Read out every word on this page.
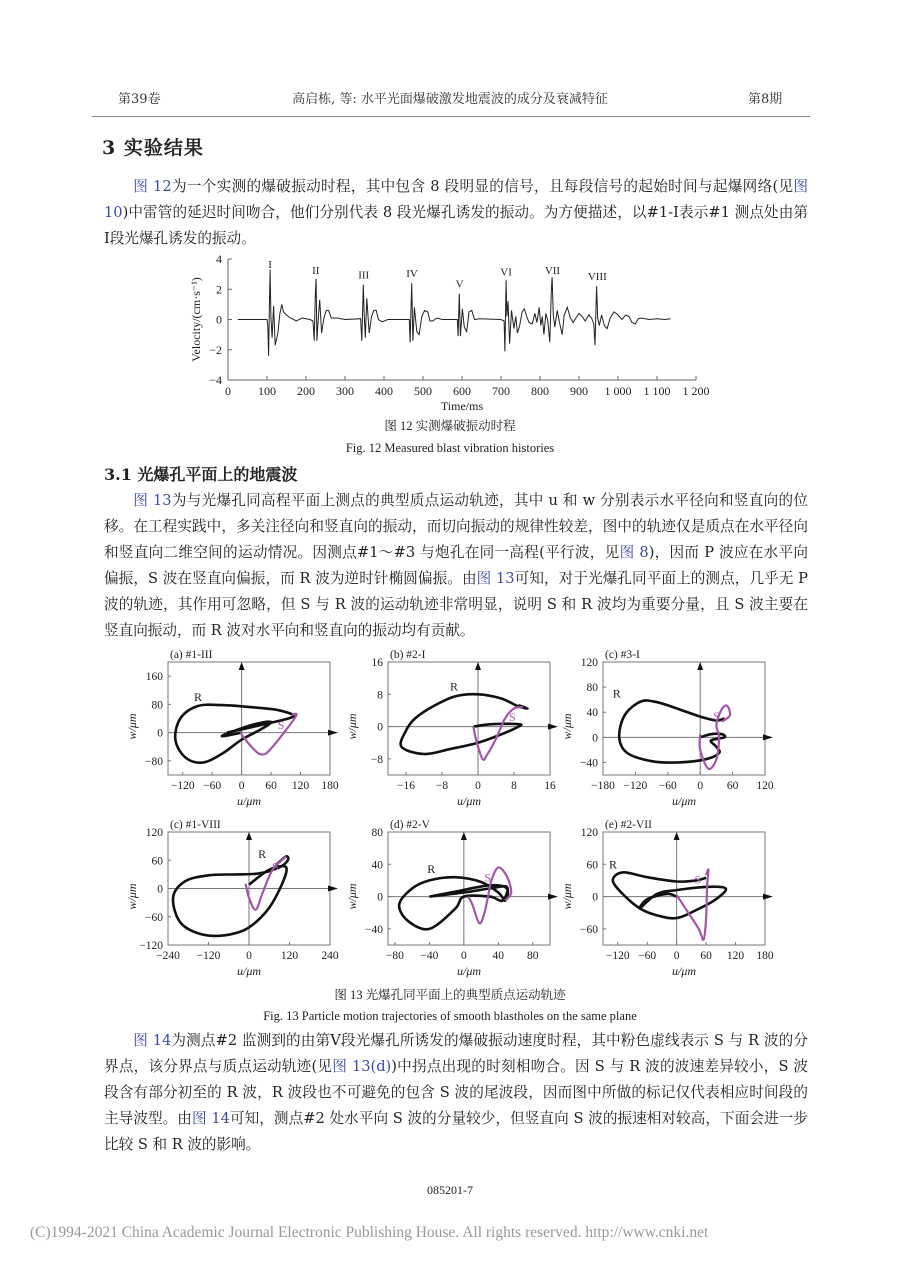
第39卷	高启栋, 等: 水平光面爆破激发地震波的成分及衰减特征	第8期
3 实验结果

图 12为一个实测的爆破振动时程，其中包含 8 段明显的信号，且每段信号的起始时间与起爆网络(见图 10)中雷管的延迟时间吻合，他们分别代表 8 段光爆孔诱发的振动。为方便描述，以#1-Ⅰ表示#1 测点处由第Ⅰ段光爆孔诱发的振动。

0 100 200 300 400 500 600 700 800 900 1 000 1 100 1 200
−4
−2
0
2
4
Time/ms
Velocity/(cm·s⁻¹)
I
II	III	IV
V
VI	VII
VIII
图 12 实测爆破振动时程
Fig. 12 Measured blast vibration histories
3.1 光爆孔平面上的地震波

图 13为与光爆孔同高程平面上测点的典型质点运动轨迹，其中 u 和 w 分别表示水平径向和竖直向的位移。在工程实践中，多关注径向和竖直向的振动，而切向振动的规律性较差，图中的轨迹仅是质点在水平径向和竖直向二维空间的运动情况。因测点#1～#3 与炮孔在同一高程(平行波，见图 8)，因而 P 波应在水平向偏振，S 波在竖直向偏振，而 R 波为逆时针椭圆偏振。由图 13可知，对于光爆孔同平面上的测点，几乎无 P 波的轨迹，其作用可忽略，但 S 与 R 波的运动轨迹非常明显，说明 S 和 R 波均为重要分量，且 S 波主要在竖直向振动，而 R 波对水平向和竖直向的振动均有贡献。

−120 −60 0 60 120 180
−80
0
80
160
u/μm
w/μm
(a) #1-III
R
S
−16 −8 0	8 16
−8
0
8
16
u/μm
w/μm
(b) #2-I
R
S
−180 −120 −60 0 60 120
−40
0
40
80
120
u/μm
w/μm
(c) #3-I
R
S
−240 −120 0	120 240
−120
−60
0
60
120
u/μm
w/μm
(c) #1-VIII
R
S
−80 −40 0 40 80
−40
0
40
80
u/μm
w/μm
(d) #2-V
R
S
−120 −60 0 60 120 180
−60
0
60
120
u/μm
w/μm
(e) #2-VII
R
S
图 13 光爆孔同平面上的典型质点运动轨迹
Fig. 13 Particle motion trajectories of smooth blastholes on the same plane

图 14为测点#2 监测到的由第Ⅴ段光爆孔所诱发的爆破振动速度时程，其中粉色虚线表示 S 与 R 波的分界点，该分界点与质点运动轨迹(见图 13(d))中拐点出现的时刻相吻合。因 S 与 R 波的波速差异较小，S 波段含有部分初至的 R 波，R 波段也不可避免的包含 S 波的尾波段，因而图中所做的标记仅代表相应时间段的主导波型。由图 14可知，测点#2 处水平向 S 波的分量较少，但竖直向 S 波的振速相对较高，下面会进一步比较 S 和 R 波的影响。

085201-7
(C)1994-2021 China Academic Journal Electronic Publishing House. All rights reserved. http://www.cnki.net
